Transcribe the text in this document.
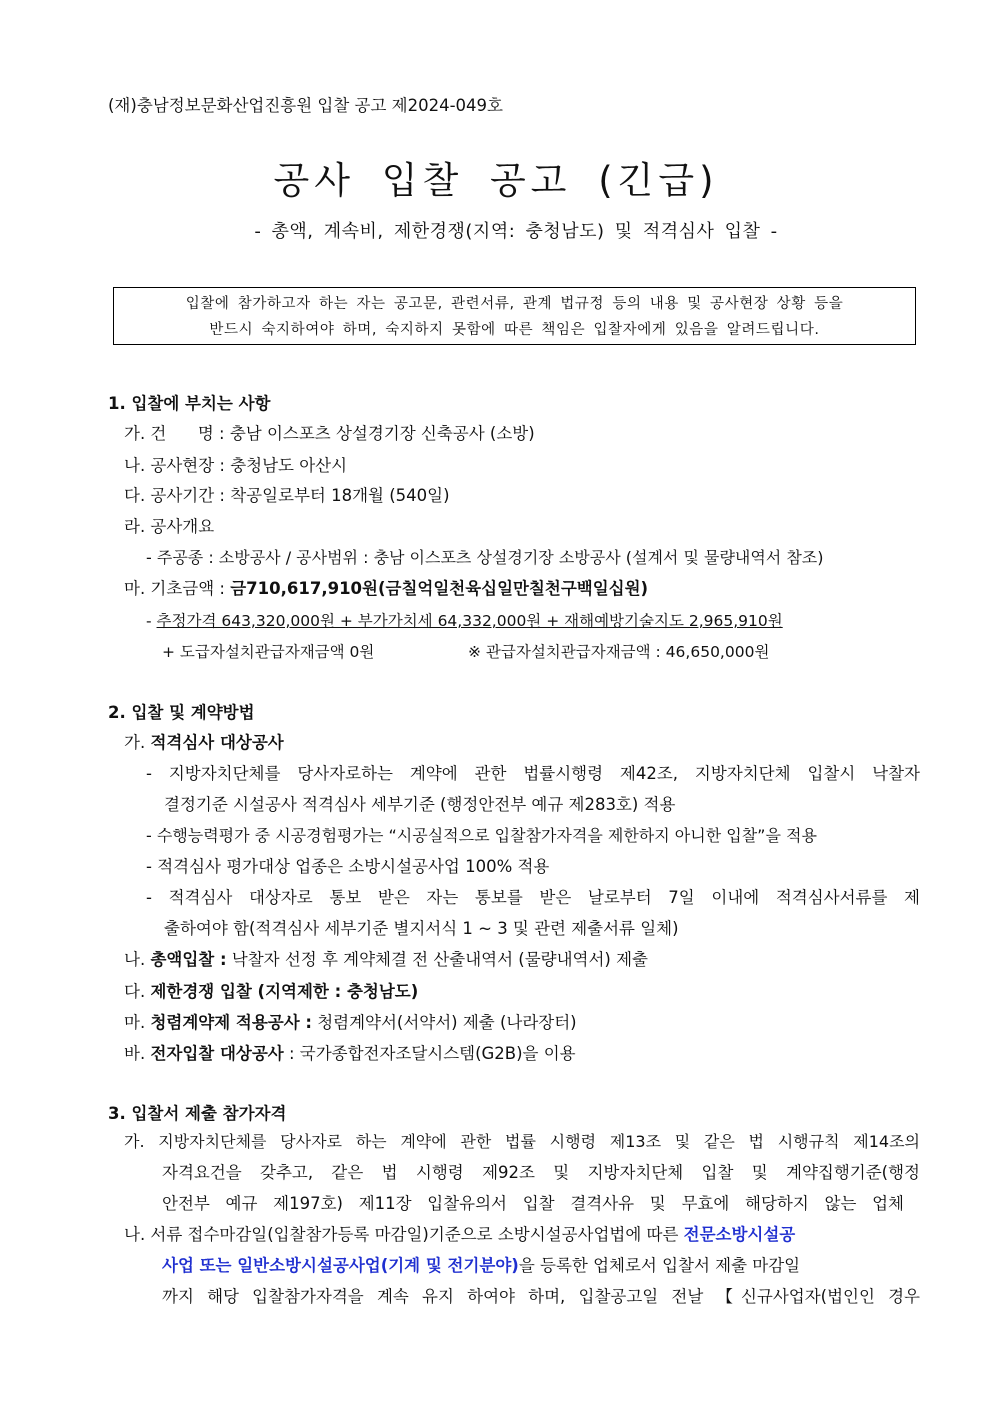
(재)충남정보문화산업진흥원 입찰 공고 제2024-049호
공사 입찰 공고 (긴급)
- 총액, 계속비, 제한경쟁(지역: 충청남도) 및 적격심사 입찰 -
입찰에 참가하고자 하는 자는 공고문, 관련서류, 관계 법규정 등의 내용 및 공사현장 상황 등을
반드시 숙지하여야 하며, 숙지하지 못함에 따른 책임은 입찰자에게 있음을 알려드립니다.
1. 입찰에 부치는 사항
가. 건      명 : 충남 이스포츠 상설경기장 신축공사 (소방)
나. 공사현장 : 충청남도 아산시
다. 공사기간 : 착공일로부터 18개월 (540일)
라. 공사개요
- 주공종 : 소방공사 / 공사범위 : 충남 이스포츠 상설경기장 소방공사 (설계서 및 물량내역서 참조)
마. 기초금액 : 금710,617,910원(금칠억일천육십일만칠천구백일십원)
- 추정가격 643,320,000원 + 부가가치세 64,332,000원 + 재해예방기술지도 2,965,910원
+ 도급자설치관급자재금액 0원	※ 관급자설치관급자재금액 : 46,650,000원
2. 입찰 및 계약방법
가. 적격심사 대상공사
- 지방자치단체를 당사자로하는 계약에 관한 법률시행령 제42조, 지방자치단체 입찰시 낙찰자
결정기준 시설공사 적격심사 세부기준 (행정안전부 예규 제283호) 적용
- 수행능력평가 중 시공경험평가는 “시공실적으로 입찰참가자격을 제한하지 아니한 입찰”을 적용
- 적격심사 평가대상 업종은 소방시설공사업 100% 적용
- 적격심사 대상자로 통보 받은 자는 통보를 받은 날로부터 7일 이내에 적격심사서류를 제
출하여야 함(적격심사 세부기준 별지서식 1 ~ 3 및 관련 제출서류 일체)
나. 총액입찰 : 낙찰자 선정 후 계약체결 전 산출내역서 (물량내역서) 제출
다. 제한경쟁 입찰 (지역제한 : 충청남도)
마. 청렴계약제 적용공사 : 청렴계약서(서약서) 제출 (나라장터)
바. 전자입찰 대상공사 : 국가종합전자조달시스템(G2B)을 이용
3. 입찰서 제출 참가자격
가. 지방자치단체를 당사자로 하는 계약에 관한 법률 시행령 제13조 및 같은 법 시행규칙 제14조의
자격요건을 갖추고, 같은 법 시행령 제92조 및 지방자치단체 입찰 및 계약집행기준(행정
안전부 예규 제197호) 제11장 입찰유의서 입찰 결격사유 및 무효에 해당하지 않는 업체
나. 서류 접수마감일(입찰참가등록 마감일)기준으로 소방시설공사업법에 따른 전문소방시설공
사업 또는 일반소방시설공사업(기계 및 전기분야)을 등록한 업체로서 입찰서 제출 마감일
까지 해당 입찰참가자격을 계속 유지 하여야 하며, 입찰공고일 전날 【신규사업자(법인인 경우
